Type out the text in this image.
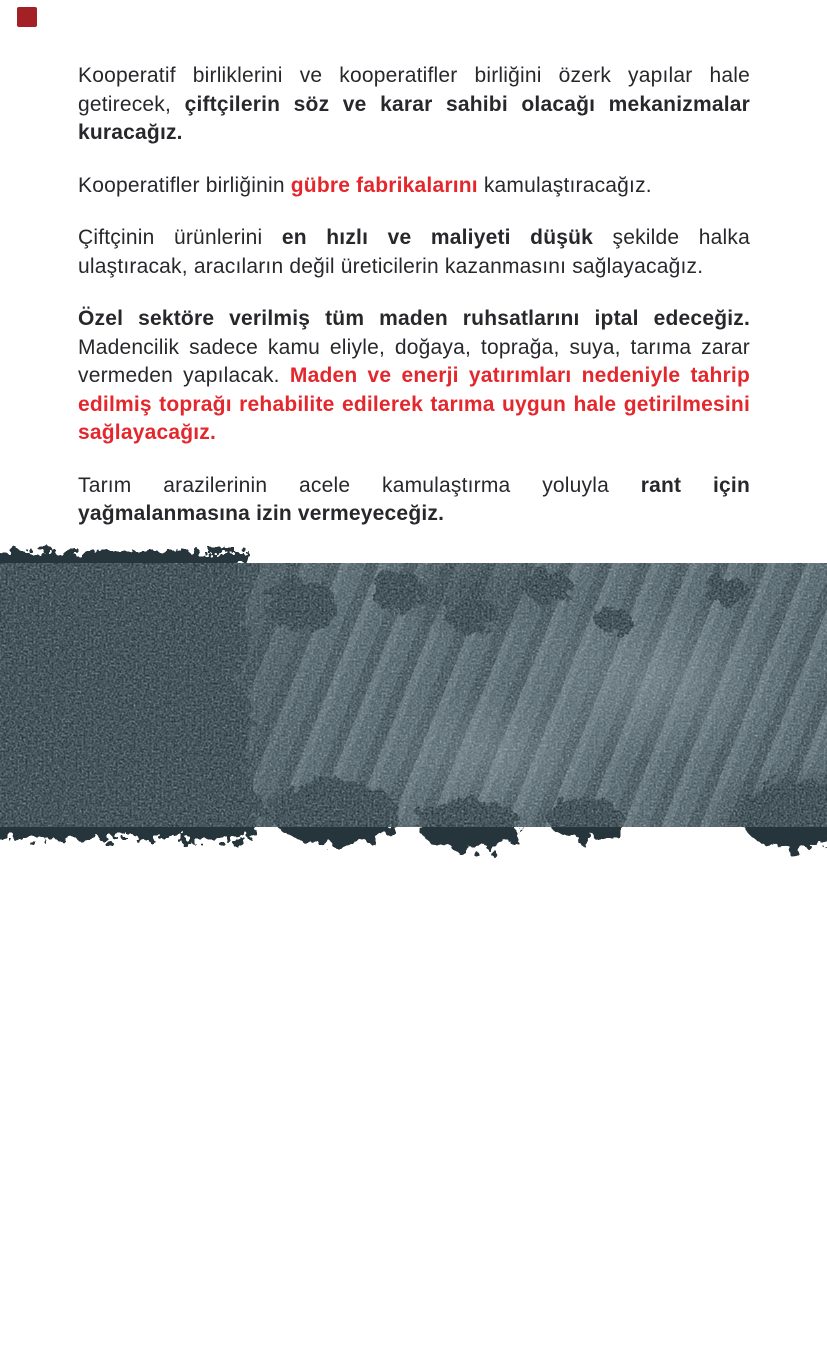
Kooperatif birliklerini ve kooperatifler birliğini özerk yapılar hale getirecek, çiftçilerin söz ve karar sahibi olacağı mekanizmalar kuracağız.

Kooperatifler birliğinin gübre fabrikalarını kamulaştıracağız.

Çiftçinin ürünlerini en hızlı ve maliyeti düşük şekilde halka ulaştıracak, aracıların değil üreticilerin kazanmasını sağlayacağız.

Özel sektöre verilmiş tüm maden ruhsatlarını iptal edeceğiz. Madencilik sadece kamu eliyle, doğaya, toprağa, suya, tarıma zarar vermeden yapılacak. Maden ve enerji yatırımları nedeniyle tahrip edilmiş toprağı rehabilite edilerek tarıma uygun hale getirilmesini sağlayacağız.

Tarım arazilerinin acele kamulaştırma yoluyla rant için yağmalanmasına izin vermeyeceğiz.

22	HEP
